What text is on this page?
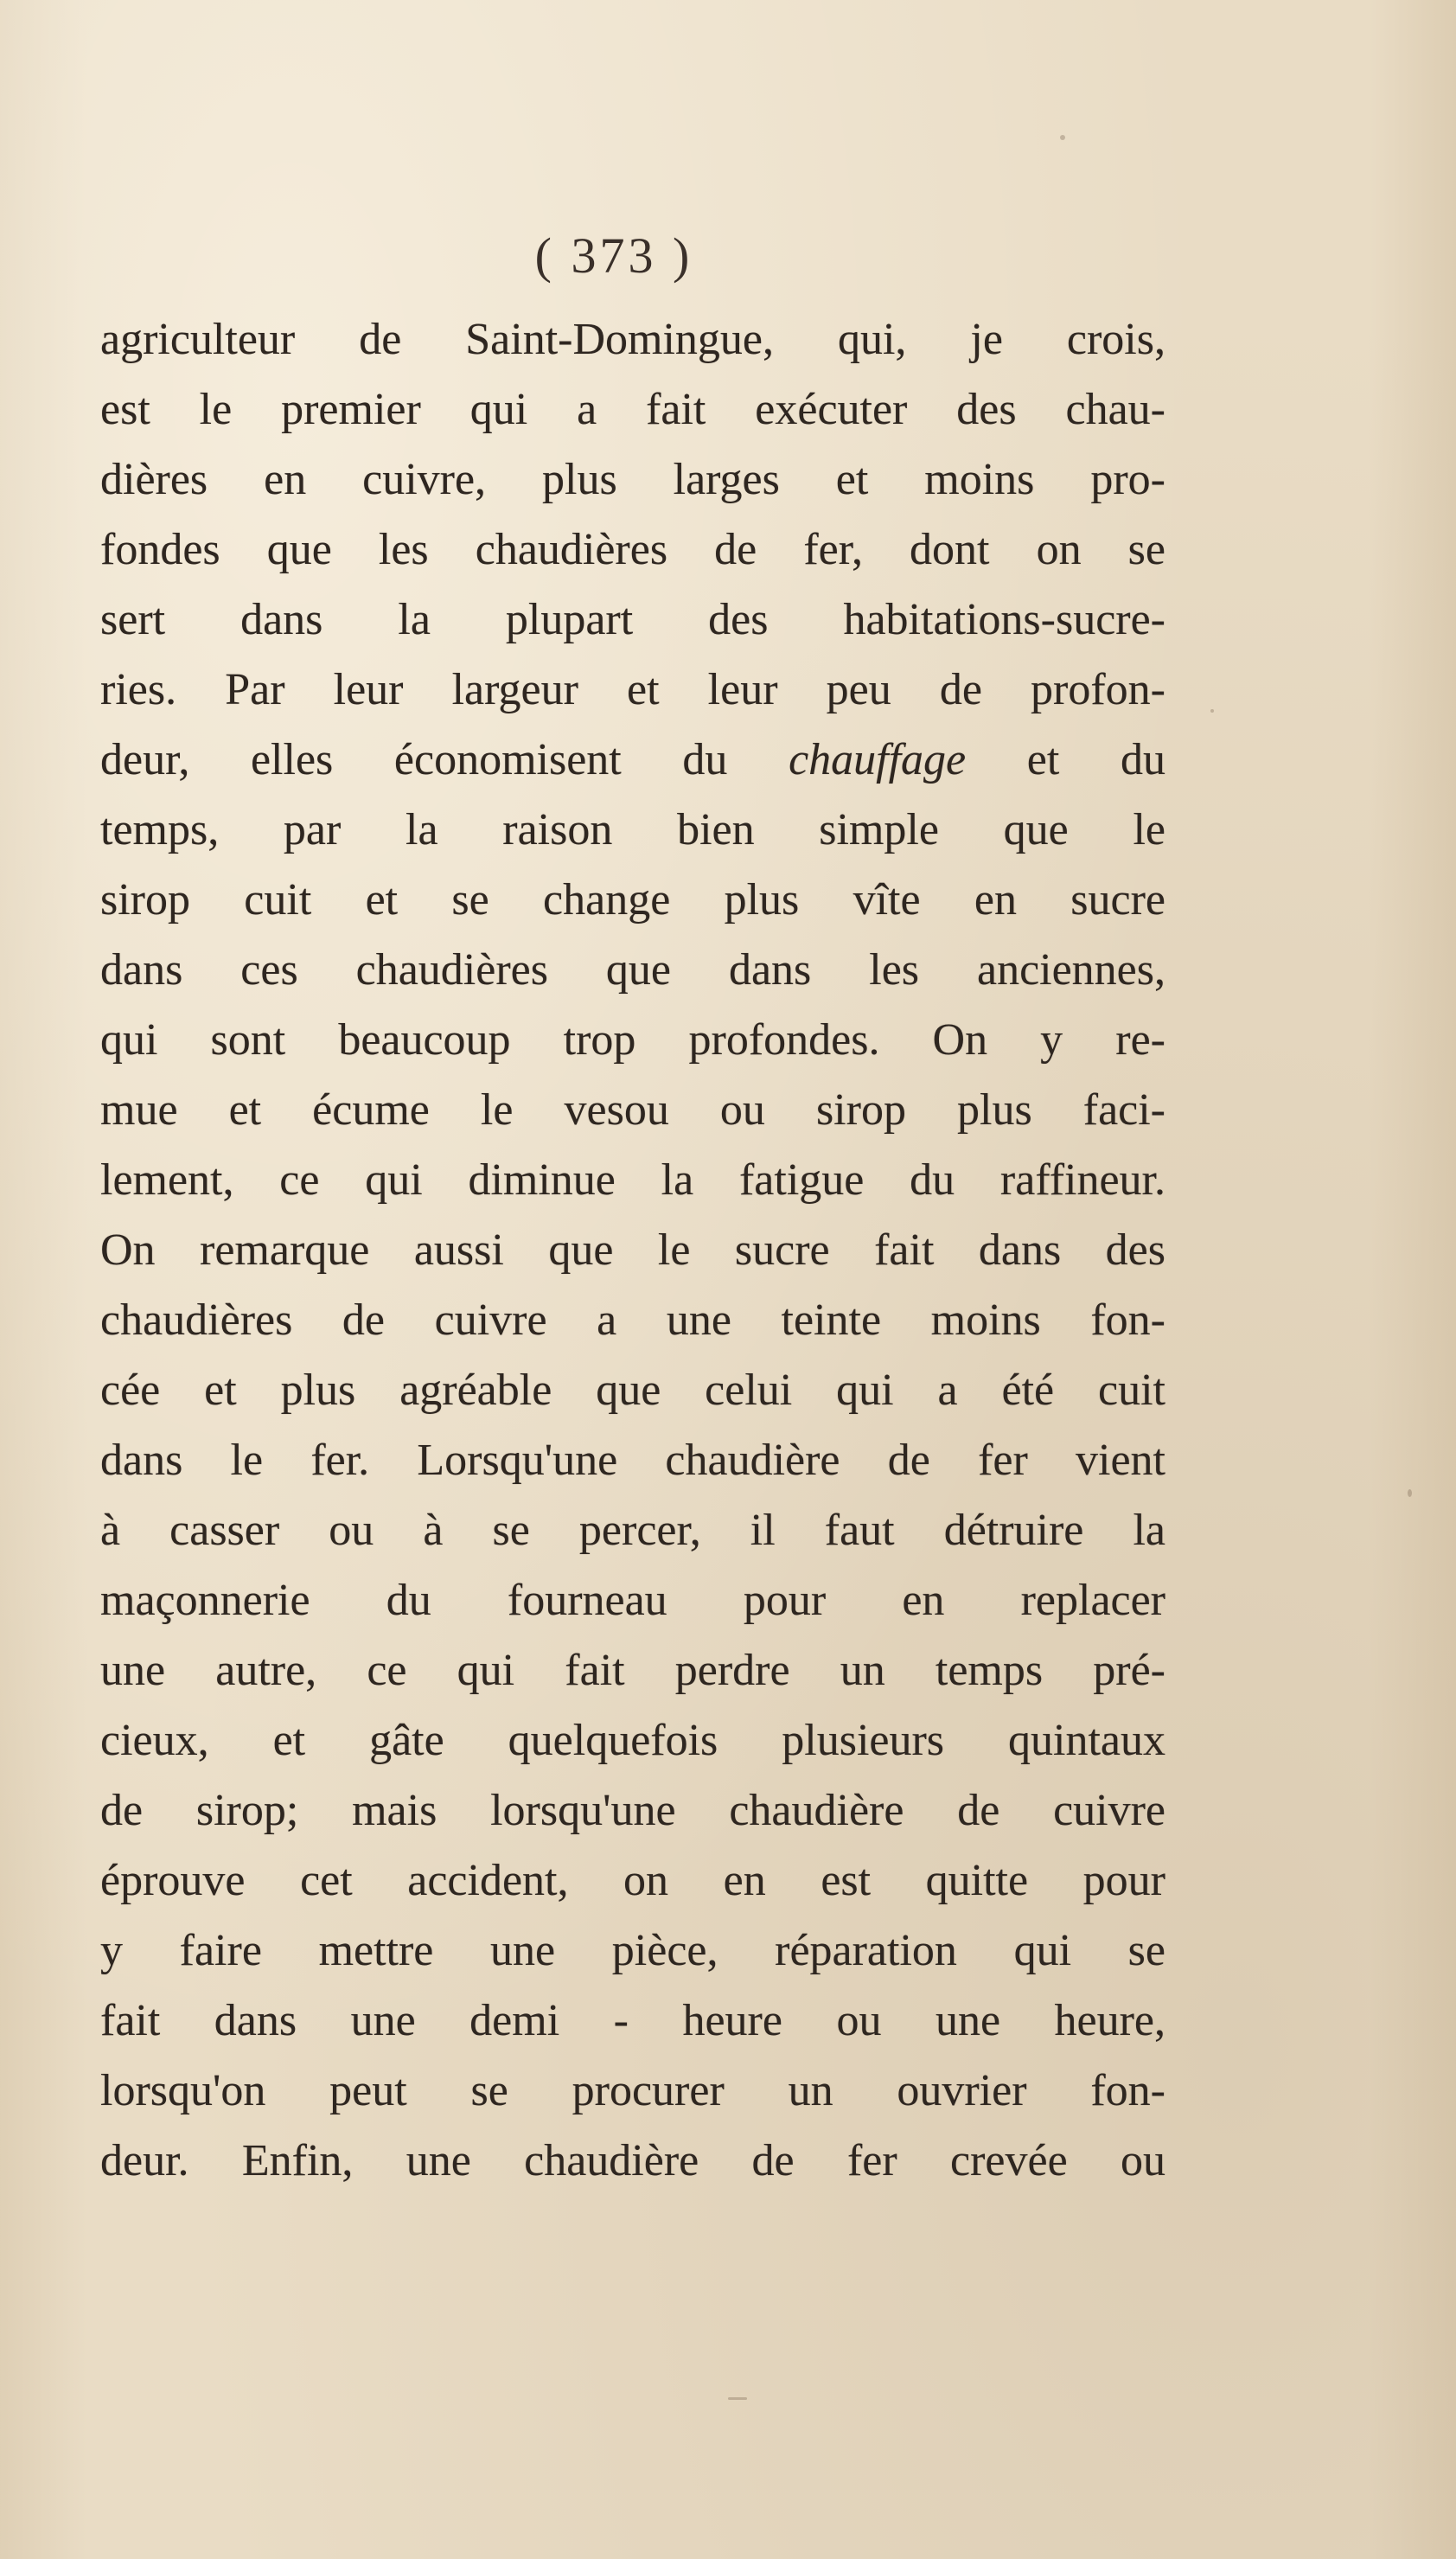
( 373 )
agriculteur de Saint-Domingue, qui, je crois,
est le premier qui a fait exécuter des chau-
dières en cuivre, plus larges et moins pro-
fondes que les chaudières de fer, dont on se
sert dans la plupart des habitations-sucre-
ries. Par leur largeur et leur peu de profon-
deur, elles économisent du chauffage et du
temps, par la raison bien simple que le
sirop cuit et se change plus vîte en sucre
dans ces chaudières que dans les anciennes,
qui sont beaucoup trop profondes. On y re-
mue et écume le vesou ou sirop plus faci-
lement, ce qui diminue la fatigue du raffineur.
On remarque aussi que le sucre fait dans des
chaudières de cuivre a une teinte moins fon-
cée et plus agréable que celui qui a été cuit
dans le fer. Lorsqu'une chaudière de fer vient
à casser ou à se percer, il faut détruire la
maçonnerie du fourneau pour en replacer
une autre, ce qui fait perdre un temps pré-
cieux, et gâte quelquefois plusieurs quintaux
de sirop; mais lorsqu'une chaudière de cuivre
éprouve cet accident, on en est quitte pour
y faire mettre une pièce, réparation qui se
fait dans une demi - heure ou une heure,
lorsqu'on peut se procurer un ouvrier fon-
deur. Enfin, une chaudière de fer crevée ou
